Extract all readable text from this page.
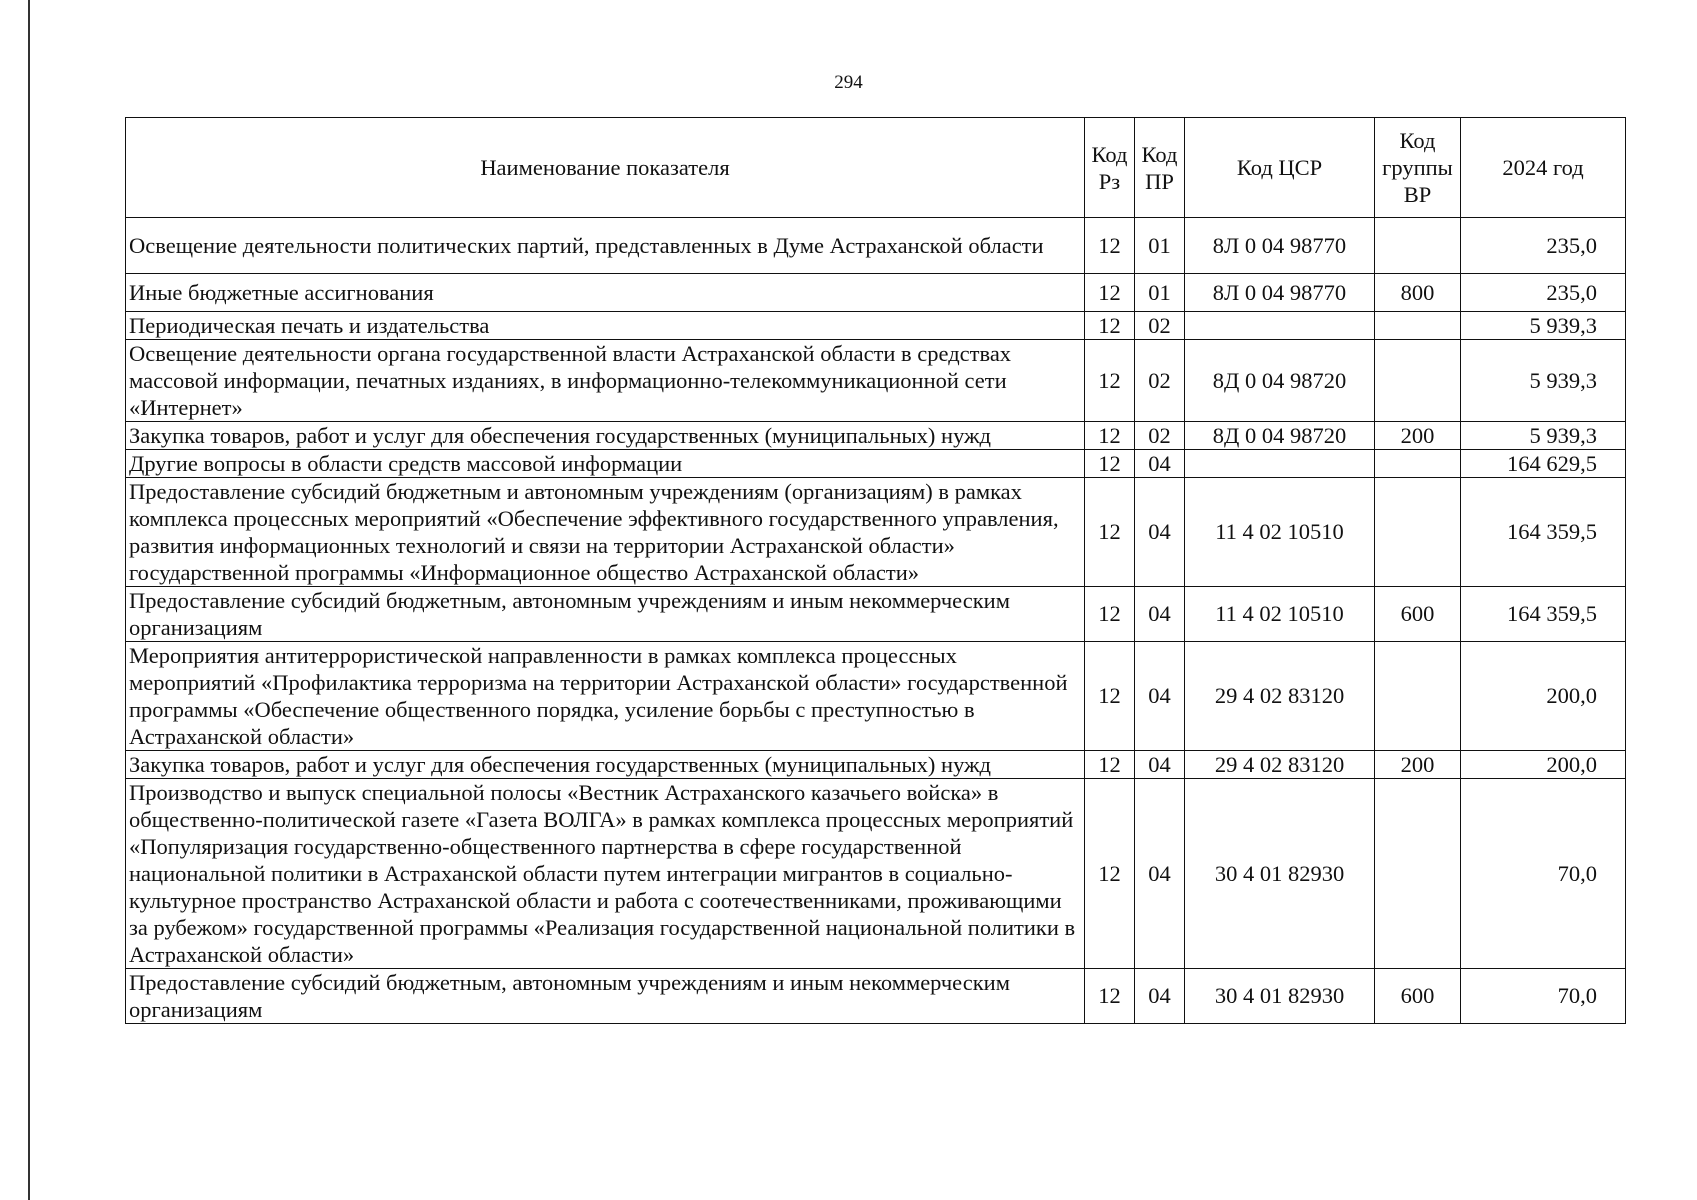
294
Наименование показателя	Код Рз	Код ПР	Код ЦСР	Код группы ВР	2024 год
Освещение деятельности политических партий, представленных в Думе Астраханской области	12	01	8Л 0 04 98770		235,0
Иные бюджетные ассигнования	12	01	8Л 0 04 98770	800	235,0
Периодическая печать и издательства	12	02			5 939,3
Освещение деятельности органа государственной власти Астраханской области в средствах массовой информации, печатных изданиях, в информационно-телекоммуникационной сети «Интернет»	12	02	8Д 0 04 98720		5 939,3
Закупка товаров, работ и услуг для обеспечения государственных (муниципальных) нужд	12	02	8Д 0 04 98720	200	5 939,3
Другие вопросы в области средств массовой информации	12	04			164 629,5
Предоставление субсидий бюджетным и автономным учреждениям (организациям) в рамках комплекса процессных мероприятий «Обеспечение эффективного государственного управления, развития информационных технологий и связи на территории Астраханской области» государственной программы «Информационное общество Астраханской области»	12	04	11 4 02 10510		164 359,5
Предоставление субсидий бюджетным, автономным учреждениям и иным некоммерческим организациям	12	04	11 4 02 10510	600	164 359,5
Мероприятия антитеррористической направленности в рамках комплекса процессных мероприятий «Профилактика терроризма на территории Астраханской области» государственной программы «Обеспечение общественного порядка, усиление борьбы с преступностью в Астраханской области»	12	04	29 4 02 83120		200,0
Закупка товаров, работ и услуг для обеспечения государственных (муниципальных) нужд	12	04	29 4 02 83120	200	200,0
Производство и выпуск специальной полосы «Вестник Астраханского казачьего войска» в общественно-политической газете «Газета ВОЛГА» в рамках комплекса процессных мероприятий «Популяризация государственно-общественного партнерства в сфере государственной национальной политики в Астраханской области путем интеграции мигрантов в социально-культурное пространство Астраханской области и работа с соотечественниками, проживающими за рубежом» государственной программы «Реализация государственной национальной политики в Астраханской области»	12	04	30 4 01 82930		70,0
Предоставление субсидий бюджетным, автономным учреждениям и иным некоммерческим организациям	12	04	30 4 01 82930	600	70,0
